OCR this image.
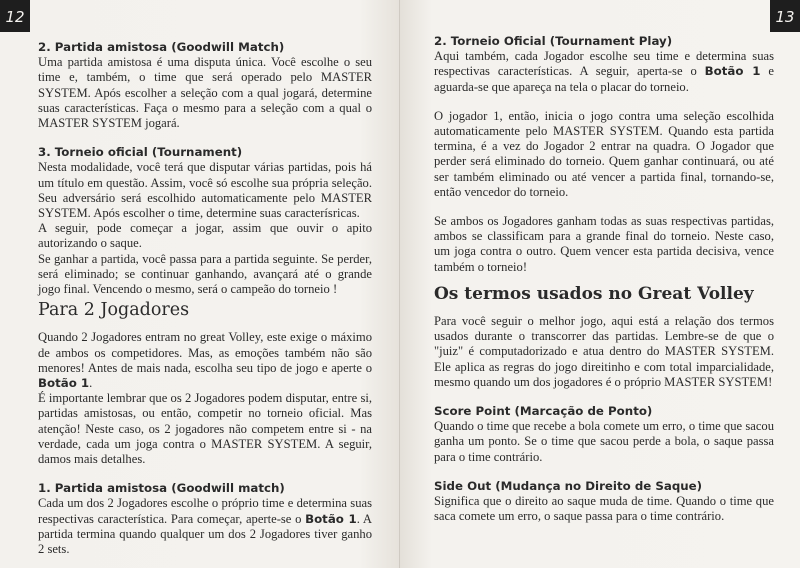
12

2. Partida amistosa (Goodwill Match)

Uma partida amistosa é uma disputa única. Você escolhe o seu time e, também, o time que será operado pelo MASTER SYSTEM. Após escolher a seleção com a qual jogará, determine suas características. Faça o mesmo para a seleção com a qual o MASTER SYSTEM jogará.

3. Torneio oficial (Tournament)

Nesta modalidade, você terá que disputar várias partidas, pois há um título em questão. Assim, você só escolhe sua própria seleção. Seu adversário será escolhido automaticamente pelo MASTER SYSTEM. Após escolher o time, determine suas caracterísricas.

A seguir, pode começar a jogar, assim que ouvir o apito autorizando o saque.

Se ganhar a partida, você passa para a partida seguinte. Se perder, será eliminado; se continuar ganhando, avançará até o grande jogo final. Vencendo o mesmo, será o campeão do torneio !

Para 2 Jogadores

Quando 2 Jogadores entram no great Volley, este exige o máximo de ambos os competidores. Mas, as emoções também não são menores! Antes de mais nada, escolha seu tipo de jogo e aperte o Botão 1.

É importante lembrar que os 2 Jogadores podem disputar, entre si, partidas amistosas, ou então, competir no torneio oficial. Mas atenção! Neste caso, os 2 jogadores não competem entre si - na verdade, cada um joga contra o MASTER SYSTEM. A seguir, damos mais detalhes.

1. Partida amistosa (Goodwill match)

Cada um dos 2 Jogadores escolhe o próprio time e determina suas respectivas característica. Para começar, aperte-se o Botão 1. A partida termina quando qualquer um dos 2 Jogadores tiver ganho 2 sets.

13

2. Torneio Oficial (Tournament Play)

Aqui também, cada Jogador escolhe seu time e determina suas respectivas características. A seguir, aperta-se o Botão 1 e aguarda-se que apareça na tela o placar do torneio.

O jogador 1, então, inicia o jogo contra uma seleção escolhida automaticamente pelo MASTER SYSTEM. Quando esta partida termina, é a vez do Jogador 2 entrar na quadra. O Jogador que perder será eliminado do torneio. Quem ganhar continuará, ou até ser também eliminado ou até vencer a partida final, tornando-se, então vencedor do torneio.

Se ambos os Jogadores ganham todas as suas respectivas partidas, ambos se classificam para a grande final do torneio. Neste caso, um joga contra o outro. Quem vencer esta partida decisiva, vence também o torneio!

Os termos usados no Great Volley

Para você seguir o melhor jogo, aqui está a relação dos termos usados durante o transcorrer das partidas. Lembre-se de que o "juiz" é computadorizado e atua dentro do MASTER SYSTEM. Ele aplica as regras do jogo direitinho e com total imparcialidade, mesmo quando um dos jogadores é o próprio MASTER SYSTEM!

Score Point (Marcação de Ponto)

Quando o time que recebe a bola comete um erro, o time que sacou ganha um ponto. Se o time que sacou perde a bola, o saque passa para o time contrário.

Side Out (Mudança no Direito de Saque)

Significa que o direito ao saque muda de time. Quando o time que saca comete um erro, o saque passa para o time contrário.
